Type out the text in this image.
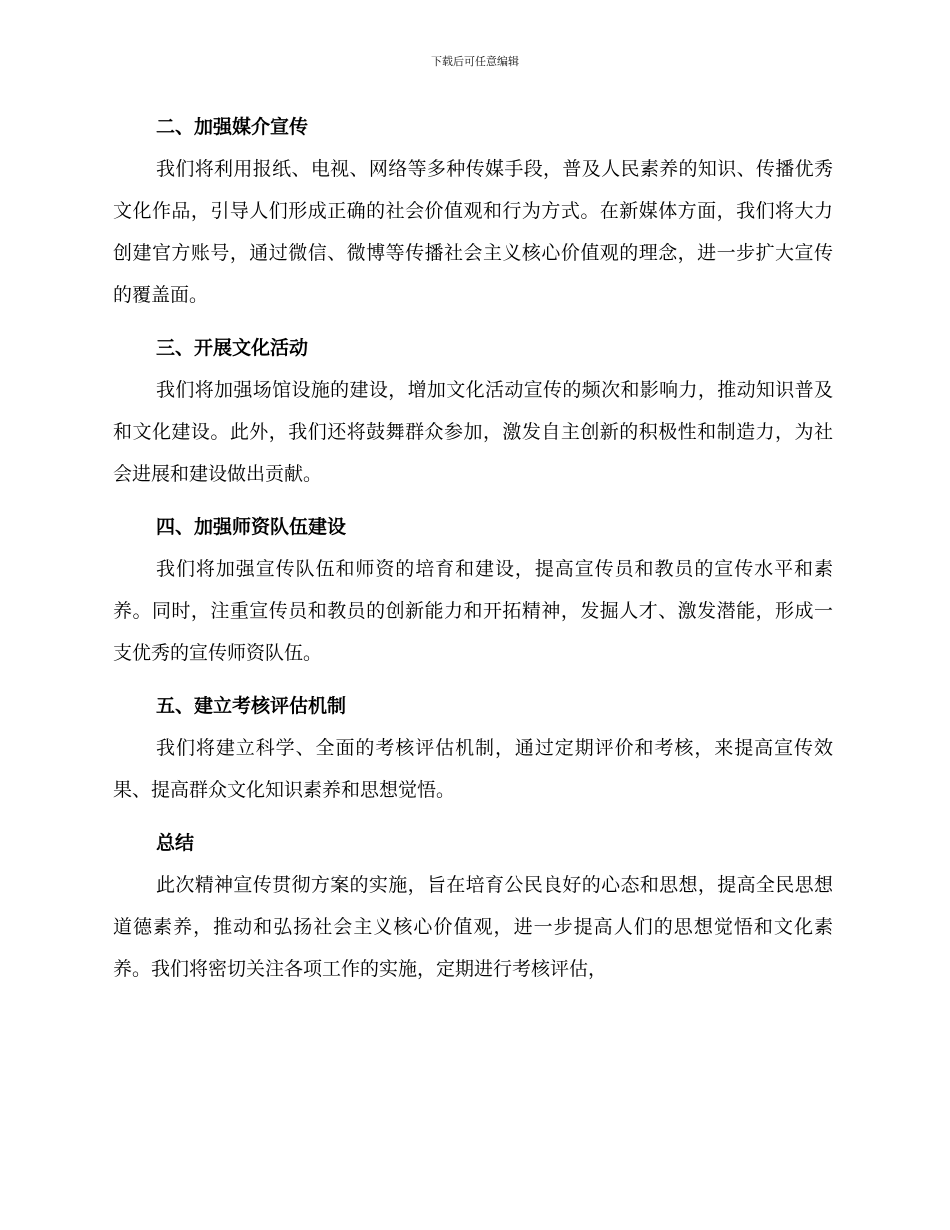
下载后可任意编辑

二、加强媒介宣传

我们将利用报纸、电视、网络等多种传媒手段，普及人民素养的知识、传播优秀文化作品，引导人们形成正确的社会价值观和行为方式。在新媒体方面，我们将大力创建官方账号，通过微信、微博等传播社会主义核心价值观的理念，进一步扩大宣传的覆盖面。

三、开展文化活动

我们将加强场馆设施的建设，增加文化活动宣传的频次和影响力，推动知识普及和文化建设。此外，我们还将鼓舞群众参加，激发自主创新的积极性和制造力，为社会进展和建设做出贡献。

四、加强师资队伍建设

我们将加强宣传队伍和师资的培育和建设，提高宣传员和教员的宣传水平和素养。同时，注重宣传员和教员的创新能力和开拓精神，发掘人才、激发潜能，形成一支优秀的宣传师资队伍。

五、建立考核评估机制

我们将建立科学、全面的考核评估机制，通过定期评价和考核，来提高宣传效果、提高群众文化知识素养和思想觉悟。

总结

此次精神宣传贯彻方案的实施，旨在培育公民良好的心态和思想，提高全民思想道德素养，推动和弘扬社会主义核心价值观，进一步提高人们的思想觉悟和文化素养。我们将密切关注各项工作的实施，定期进行考核评估，
